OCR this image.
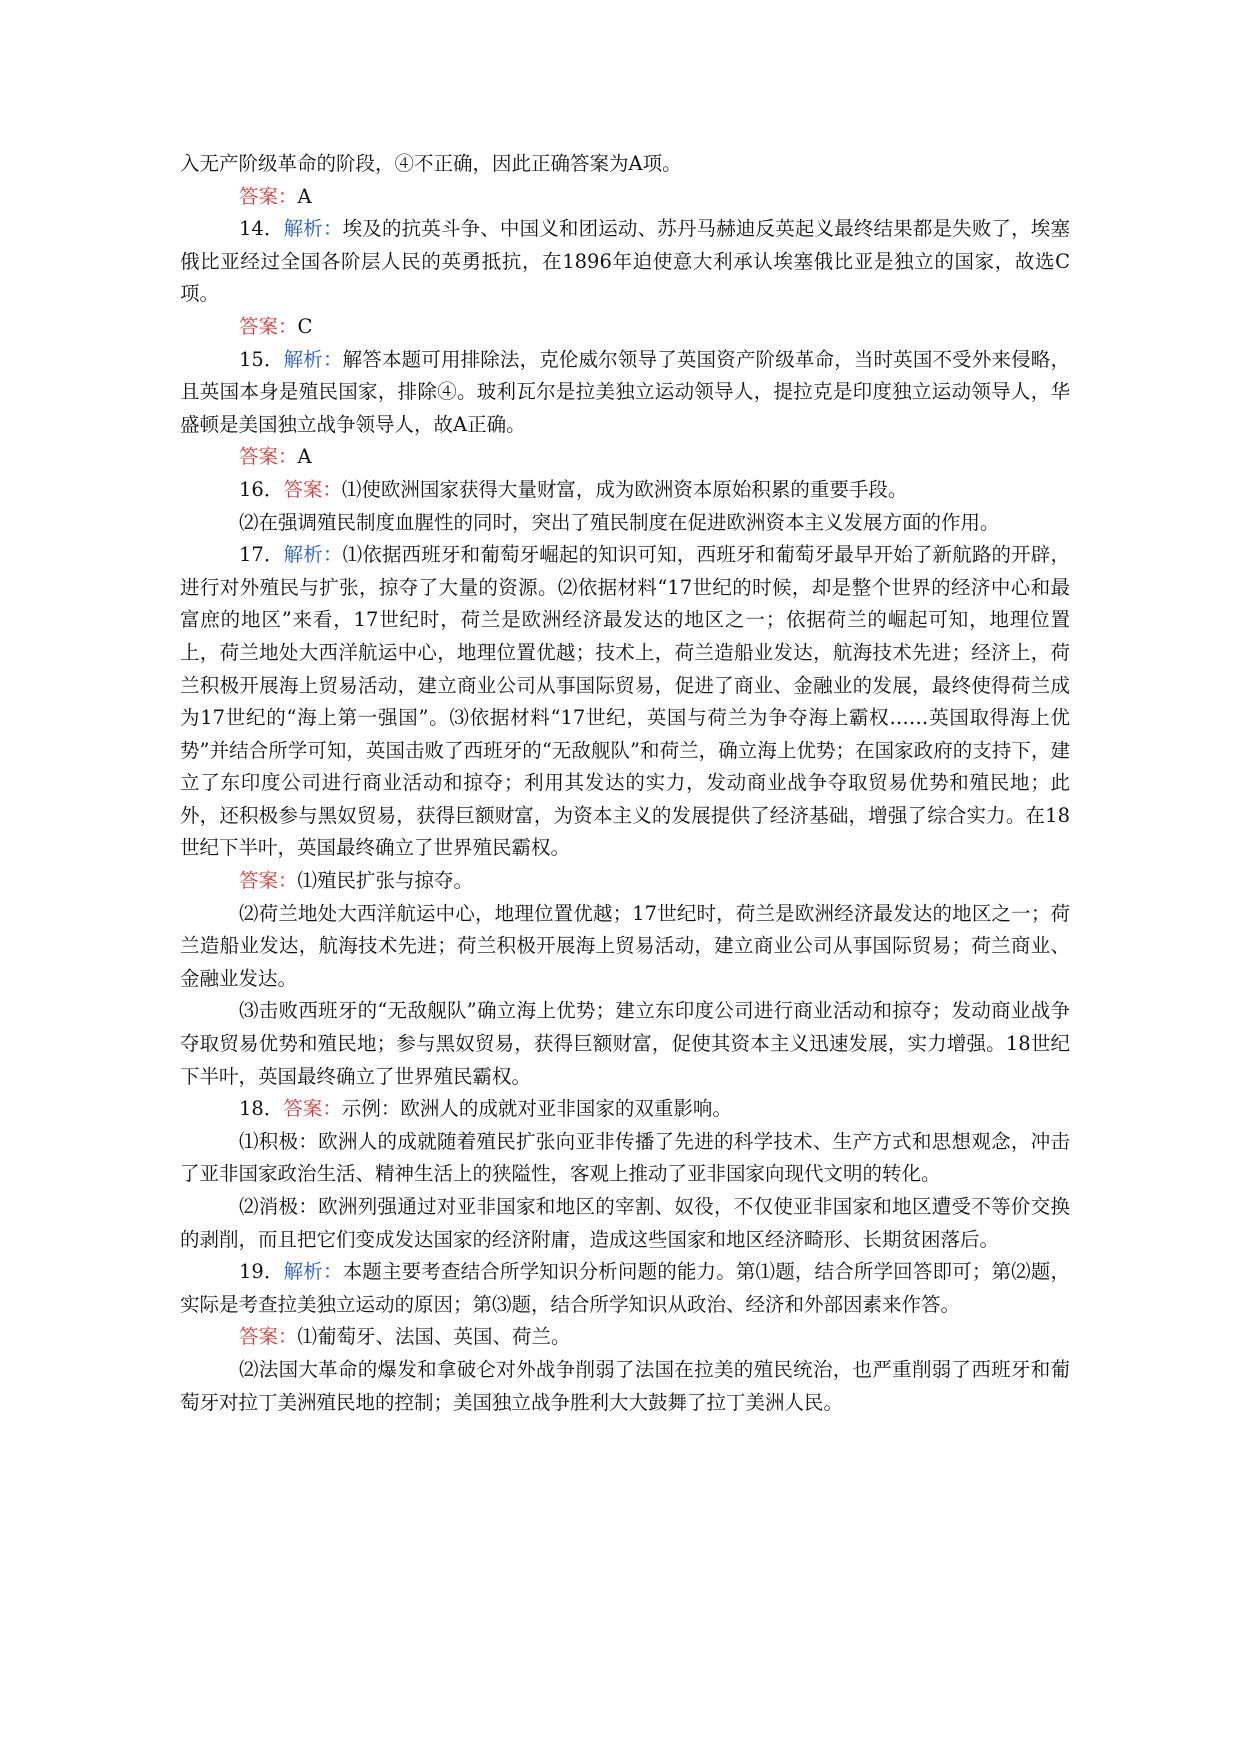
入无产阶级革命的阶段，④不正确，因此正确答案为A项。

答案：A

14．解析：埃及的抗英斗争、中国义和团运动、苏丹马赫迪反英起义最终结果都是失败了，埃塞俄比亚经过全国各阶层人民的英勇抵抗，在1896年迫使意大利承认埃塞俄比亚是独立的国家，故选C项。

答案：C

15．解析：解答本题可用排除法，克伦威尔领导了英国资产阶级革命，当时英国不受外来侵略，且英国本身是殖民国家，排除④。玻利瓦尔是拉美独立运动领导人，提拉克是印度独立运动领导人，华盛顿是美国独立战争领导人，故A正确。

答案：A

16．答案：⑴使欧洲国家获得大量财富，成为欧洲资本原始积累的重要手段。

⑵在强调殖民制度血腥性的同时，突出了殖民制度在促进欧洲资本主义发展方面的作用。

17．解析：⑴依据西班牙和葡萄牙崛起的知识可知，西班牙和葡萄牙最早开始了新航路的开辟，进行对外殖民与扩张，掠夺了大量的资源。⑵依据材料“17世纪的时候，却是整个世界的经济中心和最富庶的地区”来看，17世纪时，荷兰是欧洲经济最发达的地区之一；依据荷兰的崛起可知，地理位置上，荷兰地处大西洋航运中心，地理位置优越；技术上，荷兰造船业发达，航海技术先进；经济上，荷兰积极开展海上贸易活动，建立商业公司从事国际贸易，促进了商业、金融业的发展，最终使得荷兰成为17世纪的“海上第一强国”。⑶依据材料“17世纪，英国与荷兰为争夺海上霸权……英国取得海上优势”并结合所学可知，英国击败了西班牙的“无敌舰队”和荷兰，确立海上优势；在国家政府的支持下，建立了东印度公司进行商业活动和掠夺；利用其发达的实力，发动商业战争夺取贸易优势和殖民地；此外，还积极参与黑奴贸易，获得巨额财富，为资本主义的发展提供了经济基础，增强了综合实力。在18世纪下半叶，英国最终确立了世界殖民霸权。

答案：⑴殖民扩张与掠夺。

⑵荷兰地处大西洋航运中心，地理位置优越；17世纪时，荷兰是欧洲经济最发达的地区之一；荷兰造船业发达，航海技术先进；荷兰积极开展海上贸易活动，建立商业公司从事国际贸易；荷兰商业、金融业发达。

⑶击败西班牙的“无敌舰队”确立海上优势；建立东印度公司进行商业活动和掠夺；发动商业战争夺取贸易优势和殖民地；参与黑奴贸易，获得巨额财富，促使其资本主义迅速发展，实力增强。18世纪下半叶，英国最终确立了世界殖民霸权。

18．答案：示例：欧洲人的成就对亚非国家的双重影响。

⑴积极：欧洲人的成就随着殖民扩张向亚非传播了先进的科学技术、生产方式和思想观念，冲击了亚非国家政治生活、精神生活上的狭隘性，客观上推动了亚非国家向现代文明的转化。

⑵消极：欧洲列强通过对亚非国家和地区的宰割、奴役，不仅使亚非国家和地区遭受不等价交换的剥削，而且把它们变成发达国家的经济附庸，造成这些国家和地区经济畸形、长期贫困落后。

19．解析：本题主要考查结合所学知识分析问题的能力。第⑴题，结合所学回答即可；第⑵题，实际是考查拉美独立运动的原因；第⑶题，结合所学知识从政治、经济和外部因素来作答。

答案：⑴葡萄牙、法国、英国、荷兰。

⑵法国大革命的爆发和拿破仑对外战争削弱了法国在拉美的殖民统治，也严重削弱了西班牙和葡萄牙对拉丁美洲殖民地的控制；美国独立战争胜利大大鼓舞了拉丁美洲人民。
